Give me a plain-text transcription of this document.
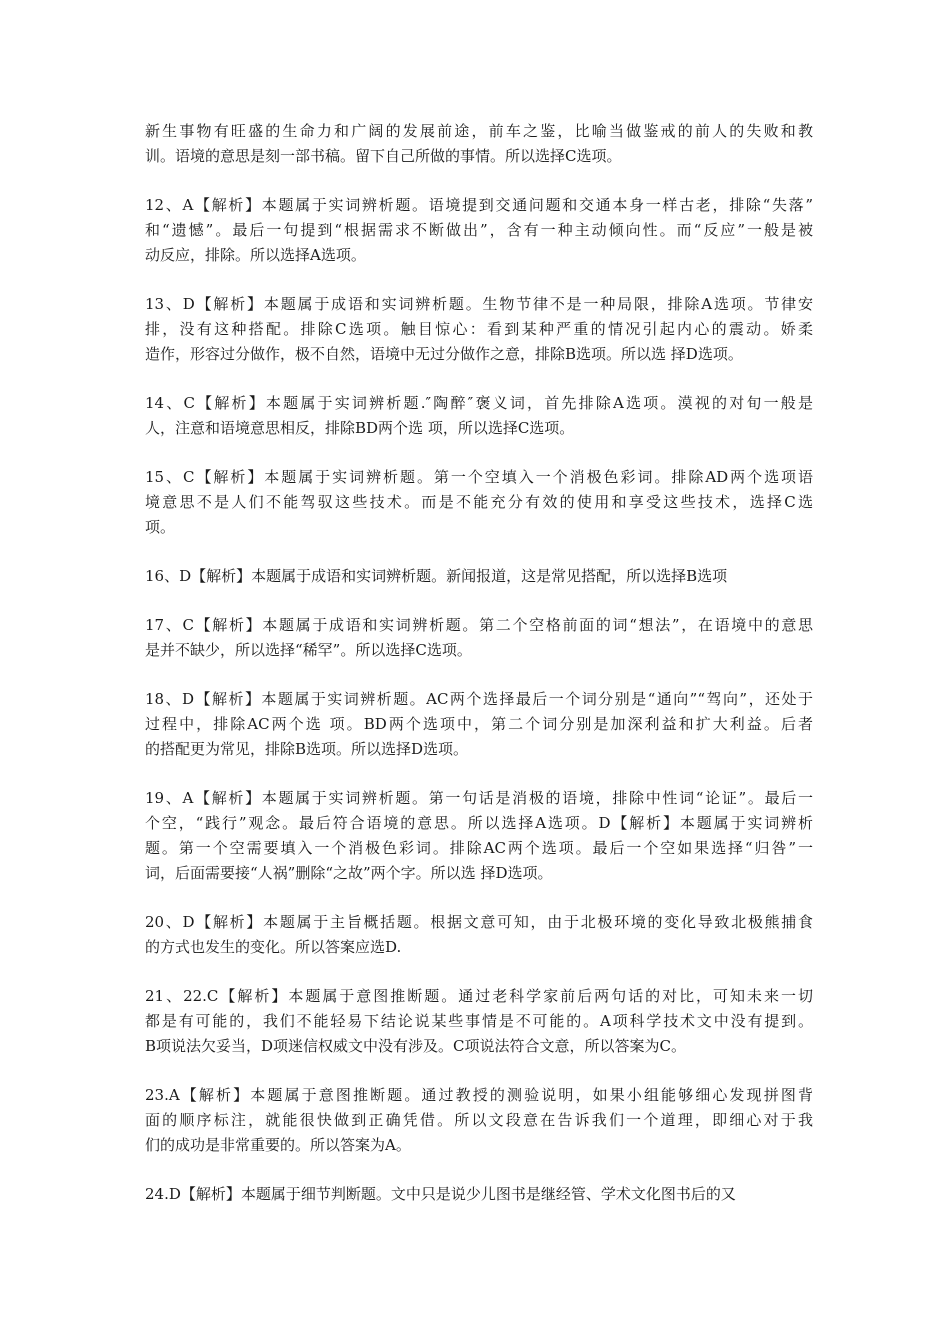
新生事物有旺盛的生命力和广阔的发展前途，前车之鉴，比喻当做鉴戒的前人的失败和教
训。语境的意思是刻一部书稿。留下自己所做的事情。所以选择C选项。
12、A【解析】本题属于实词辨析题。语境提到交通问题和交通本身一样古老，排除“失落”
和“遗憾”。最后一句提到“根据需求不断做出”，含有一种主动倾向性。而“反应”一般是被
动反应，排除。所以选择A选项。
13、D【解析】本题属于成语和实词辨析题。生物节律不是一种局限，排除A选项。节律安
排，没有这种搭配。排除C选项。触目惊心：看到某种严重的情况引起内心的震动。娇柔
造作，形容过分做作，极不自然，语境中无过分做作之意，排除B选项。所以选 择D选项。
14、C【解析】本题属于实词辨析题.″陶醉″褒义词，首先排除A选项。漠视的对旬一般是
人，注意和语境意思相反，排除BD两个选 项，所以选择C选项。
15、C【解析】本题属于实词辨析题。第一个空填入一个消极色彩词。排除AD两个选项语
境意思不是人们不能驾驭这些技术。而是不能充分有效的使用和享受这些技术，选择C选
项。
16、D【解析】本题属于成语和实词辨析题。新闻报道，这是常见搭配，所以选择B选项
17、C【解析】本题属于成语和实词辨析题。第二个空格前面的词“想法”，在语境中的意思
是并不缺少，所以选择“稀罕”。所以选择C选项。
18、D【解析】本题属于实词辨析题。AC两个选择最后一个词分别是“通向”“驾向”，还处于
过程中，排除AC两个选 项。BD两个选项中，第二个词分别是加深利益和扩大利益。后者
的搭配更为常见，排除B选项。所以选择D选项。
19、A【解析】本题属于实词辨析题。第一句话是消极的语境，排除中性词“论证”。最后一
个空，“践行”观念。最后符合语境的意思。所以选择A选项。D【解析】本题属于实词辨析
题。第一个空需要填入一个消极色彩词。排除AC两个选项。最后一个空如果选择“归咎”一
词，后面需要接“人祸”删除“之故”两个字。所以选 择D选项。
20、D【解析】本题属于主旨概括题。根据文意可知，由于北极环境的变化导致北极熊捕食
的方式也发生的变化。所以答案应选D.
21、22.C【解析】本题属于意图推断题。通过老科学家前后两句话的对比，可知未来一切
都是有可能的，我们不能轻易下结论说某些事情是不可能的。A项科学技术文中没有提到。
B项说法欠妥当，D项迷信权威文中没有涉及。C项说法符合文意，所以答案为C。
23.A【解析】本题属于意图推断题。通过教授的测验说明，如果小组能够细心发现拼图背
面的顺序标注，就能很快做到正确凭借。所以文段意在告诉我们一个道理，即细心对于我
们的成功是非常重要的。所以答案为A。
24.D【解析】本题属于细节判断题。文中只是说少儿图书是继经管、学术文化图书后的又
